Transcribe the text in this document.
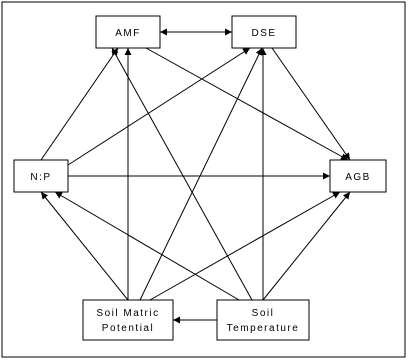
AMF	DSE
N:P	AGB
Soil Matric
Potential
Soil
Temperature
